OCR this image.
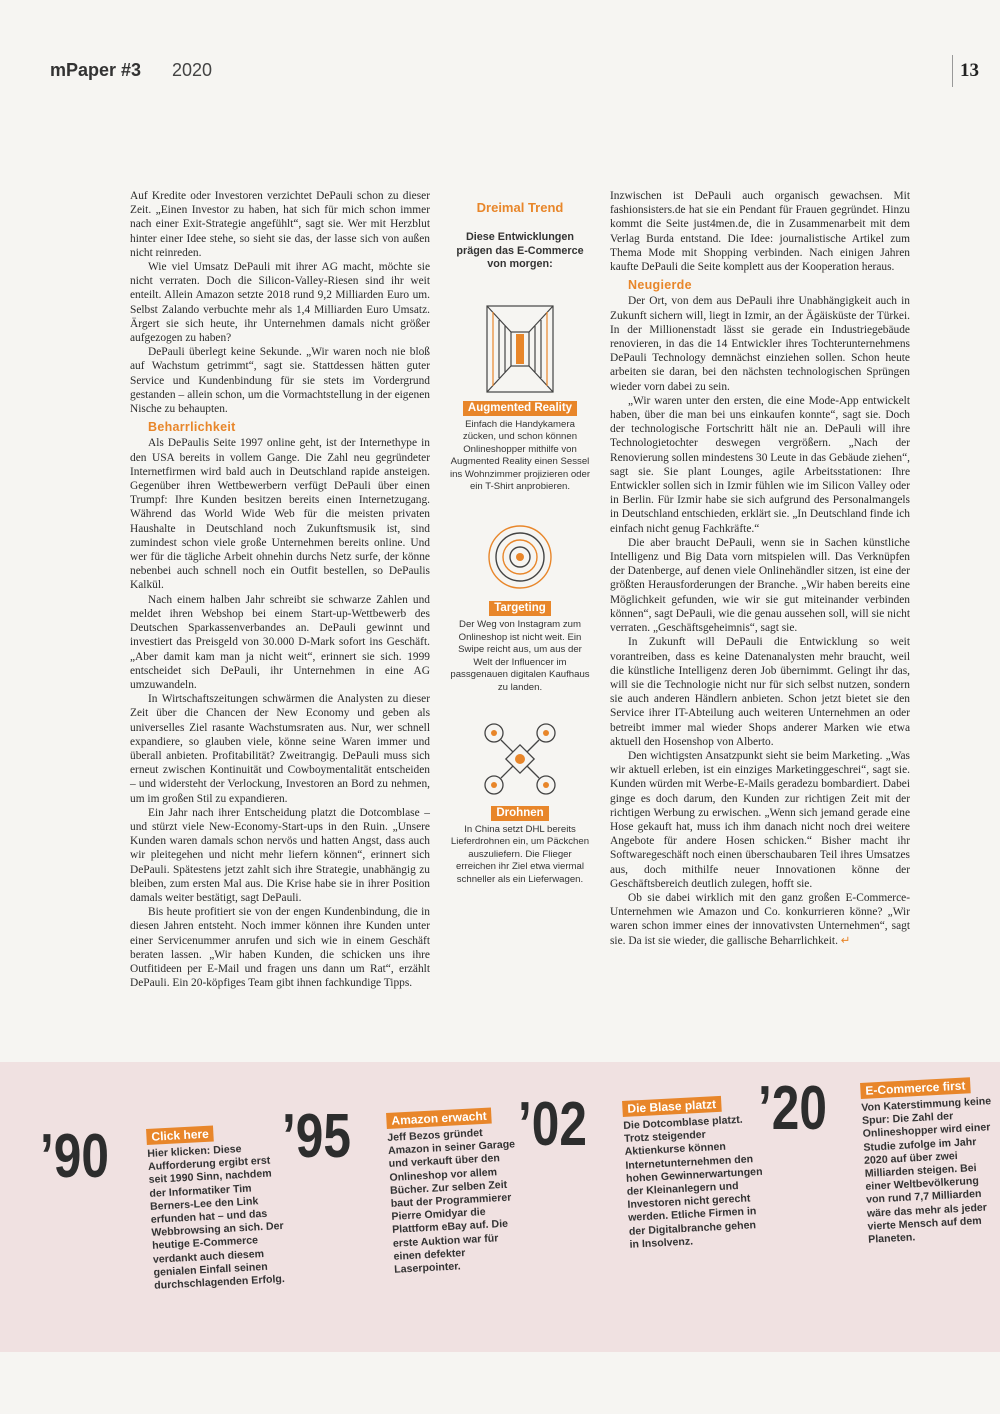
mPaper #3 2020	13

Auf Kredite oder Investoren verzichtet DePauli schon zu dieser Zeit. „Einen Investor zu haben, hat sich für mich schon immer nach einer Exit-Strategie angefühlt“, sagt sie. Wer mit Herzblut hinter einer Idee stehe, so sieht sie das, der lasse sich von außen nicht reinreden.

Wie viel Umsatz DePauli mit ihrer AG macht, möchte sie nicht verraten. Doch die Silicon-Valley-Riesen sind ihr weit enteilt. Allein Amazon setzte 2018 rund 9,2 Milliarden Euro um. Selbst Zalando verbuchte mehr als 1,4 Milliarden Euro Umsatz. Ärgert sie sich heute, ihr Unternehmen damals nicht größer aufgezogen zu haben?

DePauli überlegt keine Sekunde. „Wir waren noch nie bloß auf Wachstum getrimmt“, sagt sie. Stattdessen hätten guter Service und Kundenbindung für sie stets im Vordergrund gestanden – allein schon, um die Vormachtstellung in der eigenen Nische zu behaupten.

Beharrlichkeit

Als DePaulis Seite 1997 online geht, ist der Internethype in den USA bereits in vollem Gange. Die Zahl neu gegründeter Internetfirmen wird bald auch in Deutschland rapide ansteigen. Gegenüber ihren Wettbewerbern verfügt DePauli über einen Trumpf: Ihre Kunden besitzen bereits einen Internetzugang. Während das World Wide Web für die meisten privaten Haushalte in Deutschland noch Zukunftsmusik ist, sind zumindest schon viele große Unternehmen bereits online. Und wer für die tägliche Arbeit ohnehin durchs Netz surfe, der könne nebenbei auch schnell noch ein Outfit bestellen, so DePaulis Kalkül.

Nach einem halben Jahr schreibt sie schwarze Zahlen und meldet ihren Webshop bei einem Start-up-Wettbewerb des Deutschen Sparkassenverbandes an. DePauli gewinnt und investiert das Preisgeld von 30.000 D-Mark sofort ins Geschäft. „Aber damit kam man ja nicht weit“, erinnert sie sich. 1999 entscheidet sich DePauli, ihr Unternehmen in eine AG umzuwandeln.

In Wirtschaftszeitungen schwärmen die Analysten zu dieser Zeit über die Chancen der New Economy und geben als universelles Ziel rasante Wachstumsraten aus. Nur, wer schnell expandiere, so glauben viele, könne seine Waren immer und überall anbieten. Profitabilität? Zweitrangig. DePauli muss sich erneut zwischen Kontinuität und Cowboymentalität entscheiden – und widersteht der Verlockung, Investoren an Bord zu nehmen, um im großen Stil zu expandieren.

Ein Jahr nach ihrer Entscheidung platzt die Dotcomblase – und stürzt viele New-Economy-Start-ups in den Ruin. „Unsere Kunden waren damals schon nervös und hatten Angst, dass auch wir pleitegehen und nicht mehr liefern können“, erinnert sich DePauli. Spätestens jetzt zahlt sich ihre Strategie, unabhängig zu bleiben, zum ersten Mal aus. Die Krise habe sie in ihrer Position damals weiter bestätigt, sagt DePauli.

Bis heute profitiert sie von der engen Kundenbindung, die in diesen Jahren entsteht. Noch immer können ihre Kunden unter einer Servicenummer anrufen und sich wie in einem Geschäft beraten lassen. „Wir haben Kunden, die schicken uns ihre Outfitideen per E-Mail und fragen uns dann um Rat“, erzählt DePauli. Ein 20-köpfiges Team gibt ihnen fachkundige Tipps.

Dreimal Trend
Diese Entwicklungen prägen das E-Commerce von morgen:
Augmented Reality
Einfach die Handykamera zücken, und schon können Onlineshopper mithilfe von Augmented Reality einen Sessel ins Wohnzimmer projizieren oder ein T-Shirt anprobieren.
Targeting
Der Weg von Instagram zum Onlineshop ist nicht weit. Ein Swipe reicht aus, um aus der Welt der Influencer im passgenauen digitalen Kaufhaus zu landen.
Drohnen
In China setzt DHL bereits Lieferdrohnen ein, um Päckchen auszuliefern. Die Flieger erreichen ihr Ziel etwa viermal schneller als ein Lieferwagen.

Inzwischen ist DePauli auch organisch gewachsen. Mit fashionsisters.de hat sie ein Pendant für Frauen gegründet. Hinzu kommt die Seite just4men.de, die in Zusammenarbeit mit dem Verlag Burda entstand. Die Idee: journalistische Artikel zum Thema Mode mit Shopping verbinden. Nach einigen Jahren kaufte DePauli die Seite komplett aus der Kooperation heraus.

Neugierde

Der Ort, von dem aus DePauli ihre Unabhängigkeit auch in Zukunft sichern will, liegt in Izmir, an der Ägäisküste der Türkei. In der Millionenstadt lässt sie gerade ein Industriegebäude renovieren, in das die 14 Entwickler ihres Tochterunternehmens DePauli Technology demnächst einziehen sollen. Schon heute arbeiten sie daran, bei den nächsten technologischen Sprüngen wieder vorn dabei zu sein.

„Wir waren unter den ersten, die eine Mode-App entwickelt haben, über die man bei uns einkaufen konnte“, sagt sie. Doch der technologische Fortschritt hält nie an. DePauli will ihre Technologietochter deswegen vergrößern. „Nach der Renovierung sollen mindestens 30 Leute in das Gebäude ziehen“, sagt sie. Sie plant Lounges, agile Arbeitsstationen: Ihre Entwickler sollen sich in Izmir fühlen wie im Silicon Valley oder in Berlin. Für Izmir habe sie sich aufgrund des Personalmangels in Deutschland entschieden, erklärt sie. „In Deutschland finde ich einfach nicht genug Fachkräfte.“

Die aber braucht DePauli, wenn sie in Sachen künstliche Intelligenz und Big Data vorn mitspielen will. Das Verknüpfen der Datenberge, auf denen viele Onlinehändler sitzen, ist eine der größten Herausforderungen der Branche. „Wir haben bereits eine Möglichkeit gefunden, wie wir sie gut miteinander verbinden können“, sagt DePauli, wie die genau aussehen soll, will sie nicht verraten. „Geschäftsgeheimnis“, sagt sie.

In Zukunft will DePauli die Entwicklung so weit vorantreiben, dass es keine Datenanalysten mehr braucht, weil die künstliche Intelligenz deren Job übernimmt. Gelingt ihr das, will sie die Technologie nicht nur für sich selbst nutzen, sondern sie auch anderen Händlern anbieten. Schon jetzt bietet sie den Service ihrer IT-Abteilung auch weiteren Unternehmen an oder betreibt immer mal wieder Shops anderer Marken wie etwa aktuell den Hosenshop von Alberto.

Den wichtigsten Ansatzpunkt sieht sie beim Marketing. „Was wir aktuell erleben, ist ein einziges Marketinggeschrei“, sagt sie. Kunden würden mit Werbe-E-Mails geradezu bombardiert. Dabei ginge es doch darum, den Kunden zur richtigen Zeit mit der richtigen Werbung zu erwischen. „Wenn sich jemand gerade eine Hose gekauft hat, muss ich ihm danach nicht noch drei weitere Angebote für andere Hosen schicken.“ Bisher macht ihr Softwaregeschäft noch einen überschaubaren Teil ihres Umsatzes aus, doch mithilfe neuer Innovationen könne der Geschäftsbereich deutlich zulegen, hofft sie.

Ob sie dabei wirklich mit den ganz großen E-Commerce-Unternehmen wie Amazon und Co. konkurrieren könne? „Wir waren schon immer eines der innovativsten Unternehmen“, sagt sie. Da ist sie wieder, die gallische Beharrlichkeit. ↵

’90	Click here
Hier klicken: Diese Aufforderung ergibt erst seit 1990 Sinn, nachdem der Informatiker Tim Berners-Lee den Link erfunden hat – und das Webbrowsing an sich. Der heutige E-Commerce verdankt auch diesem genialen Einfall seinen durchschlagenden Erfolg.
’95	Amazon erwacht
Jeff Bezos gründet Amazon in seiner Garage und verkauft über den Onlineshop vor allem Bücher. Zur selben Zeit baut der Programmierer Pierre Omidyar die Plattform eBay auf. Die erste Auktion war für einen defekter Laserpointer.
’02	Die Blase platzt
Die Dotcomblase platzt. Trotz steigender Aktienkurse können Internetunternehmen den hohen Gewinnerwartungen der Kleinanlegern und Investoren nicht gerecht werden. Etliche Firmen in der Digitalbranche gehen in Insolvenz.
’20	E-Commerce first
Von Katerstimmung keine Spur: Die Zahl der Onlineshopper wird einer Studie zufolge im Jahr 2020 auf über zwei Milliarden steigen. Bei einer Weltbevölkerung von rund 7,7 Milliarden wäre das mehr als jeder vierte Mensch auf dem Planeten.
